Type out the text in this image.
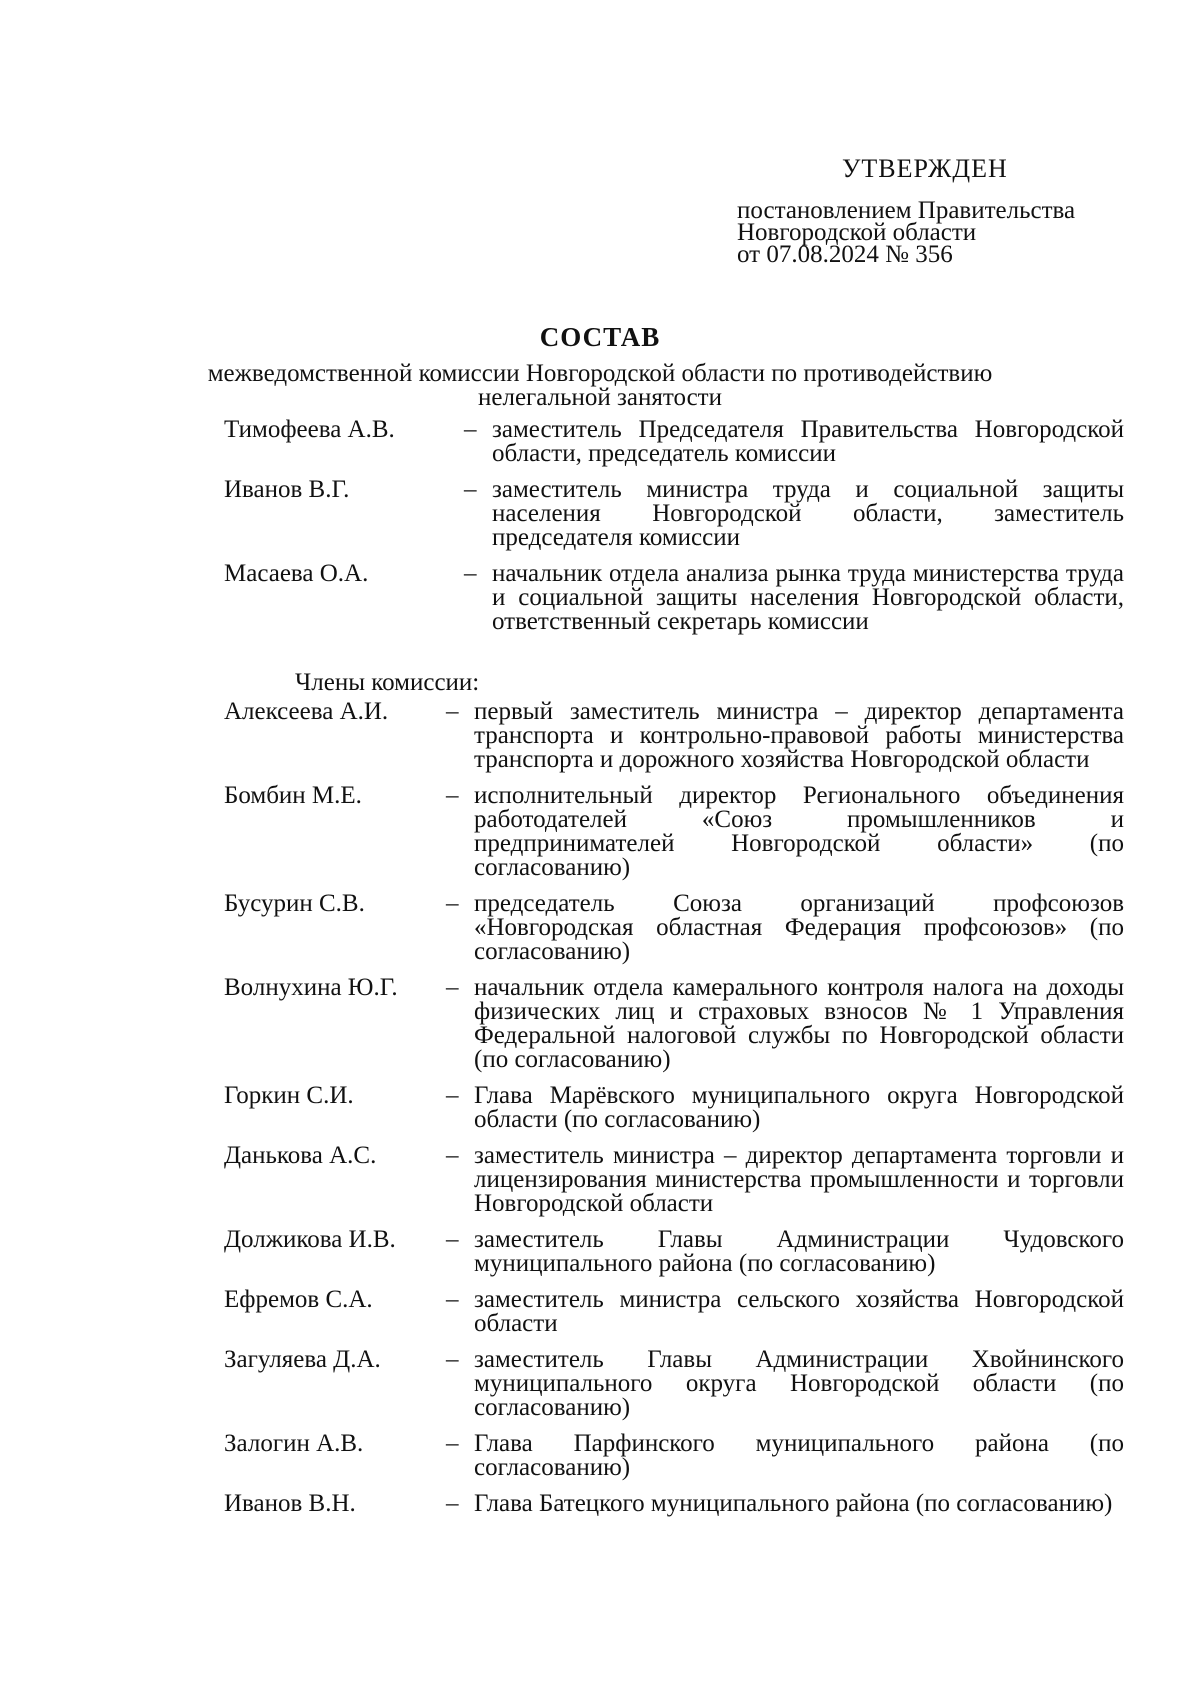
УТВЕРЖДЕН
постановлением Правительства
Новгородской области
от 07.08.2024 № 356
СОСТАВ
межведомственной комиссии Новгородской области по противодействию
нелегальной занятости
Тимофеева А.В.	– заместитель Председателя Правительства Новгородской области, председатель комиссии
Иванов В.Г.	– заместитель министра труда и социальной защиты населения Новгородской области, заместитель председателя комиссии
Масаева О.А.	– начальник отдела анализа рынка труда министерства труда и социальной защиты населения Новгородской области, ответственный секретарь комиссии
Члены комиссии:
Алексеева А.И.	– первый заместитель министра – директор департамента транспорта и контрольно-правовой работы министерства транспорта и дорожного хозяйства Новгородской области
Бомбин М.Е.	– исполнительный директор Регионального объединения работодателей «Союз промышленников и предпринимателей Новгородской области» (по согласованию)
Бусурин С.В.	– председатель Союза организаций профсоюзов «Новгородская областная Федерация профсоюзов» (по согласованию)
Волнухина Ю.Г.	– начальник отдела камерального контроля налога на доходы физических лиц и страховых взносов № 1 Управления Федеральной налоговой службы по Новгородской области (по согласованию)
Горкин С.И.	– Глава Марёвского муниципального округа Новгородской области (по согласованию)
Данькова А.С.	– заместитель министра – директор департамента торговли и лицензирования министерства промышленности и торговли Новгородской области
Должикова И.В.	– заместитель Главы Администрации Чудовского муниципального района (по согласованию)
Ефремов С.А.	– заместитель министра сельского хозяйства Новгородской области
Загуляева Д.А.	– заместитель Главы Администрации Хвойнинского муниципального округа Новгородской области (по согласованию)
Залогин А.В.	– Глава Парфинского муниципального района (по согласованию)
Иванов В.Н.	– Глава Батецкого муниципального района (по согласованию)
